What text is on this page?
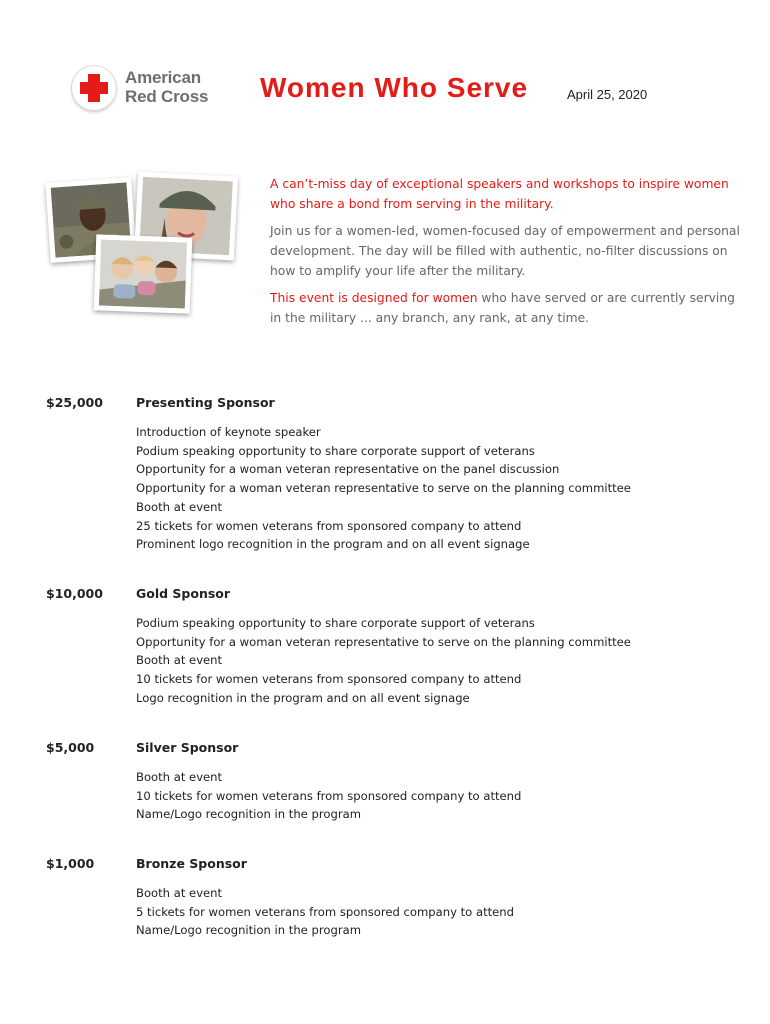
American
Red Cross Women Who Serve	April 25, 2020

A can’t-miss day of exceptional speakers and workshops to inspire women who share a bond from serving in the military.

Join us for a women-led, women-focused day of empowerment and personal development. The day will be filled with authentic, no-filter discussions on how to amplify your life after the military.

This event is designed for women who have served or are currently serving in the military ... any branch, any rank, at any time.

$25,000	Presenting Sponsor
Introduction of keynote speaker
Podium speaking opportunity to share corporate support of veterans
Opportunity for a woman veteran representative on the panel discussion
Opportunity for a woman veteran representative to serve on the planning committee
Booth at event
25 tickets for women veterans from sponsored company to attend
Prominent logo recognition in the program and on all event signage
$10,000	Gold Sponsor
Podium speaking opportunity to share corporate support of veterans
Opportunity for a woman veteran representative to serve on the planning committee
Booth at event
10 tickets for women veterans from sponsored company to attend
Logo recognition in the program and on all event signage
$5,000	Silver Sponsor
Booth at event
10 tickets for women veterans from sponsored company to attend
Name/Logo recognition in the program
$1,000	Bronze Sponsor
Booth at event
5 tickets for women veterans from sponsored company to attend
Name/Logo recognition in the program
